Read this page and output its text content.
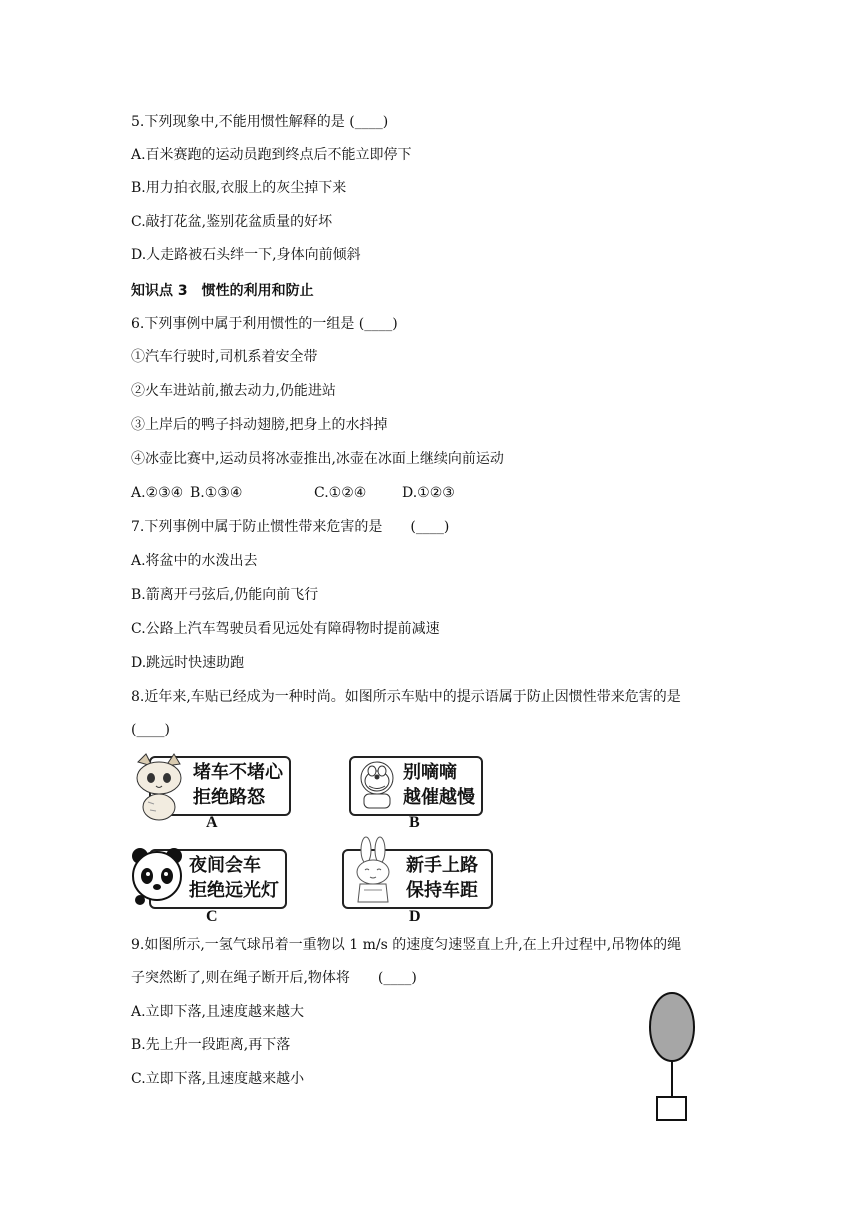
5.下列现象中,不能用惯性解释的是 (____)
A.百米赛跑的运动员跑到终点后不能立即停下
B.用力拍衣服,衣服上的灰尘掉下来
C.敲打花盆,鉴别花盆质量的好坏
D.人走路被石头绊一下,身体向前倾斜
知识点 3　惯性的利用和防止
6.下列事例中属于利用惯性的一组是 (____)
①汽车行驶时,司机系着安全带
②火车进站前,撤去动力,仍能进站
③上岸后的鸭子抖动翅膀,把身上的水抖掉
④冰壶比赛中,运动员将冰壶推出,冰壶在冰面上继续向前运动
A.②③④ B.①③④	C.①②④	D.①②③
7.下列事例中属于防止惯性带来危害的是　　(____)
A.将盆中的水泼出去
B.箭离开弓弦后,仍能向前飞行
C.公路上汽车驾驶员看见远处有障碍物时提前减速
D.跳远时快速助跑
8.近年来,车贴已经成为一种时尚。如图所示车贴中的提示语属于防止因惯性带来危害的是
(____)
堵车不堵心
拒绝路怒
A
别嘀嘀
越催越慢
B
夜间会车
拒绝远光灯
C
新手上路
保持车距
D
9.如图所示,一氢气球吊着一重物以 1 m/s 的速度匀速竖直上升,在上升过程中,吊物体的绳
子突然断了,则在绳子断开后,物体将　　(____)
A.立即下落,且速度越来越大
B.先上升一段距离,再下落
C.立即下落,且速度越来越小
